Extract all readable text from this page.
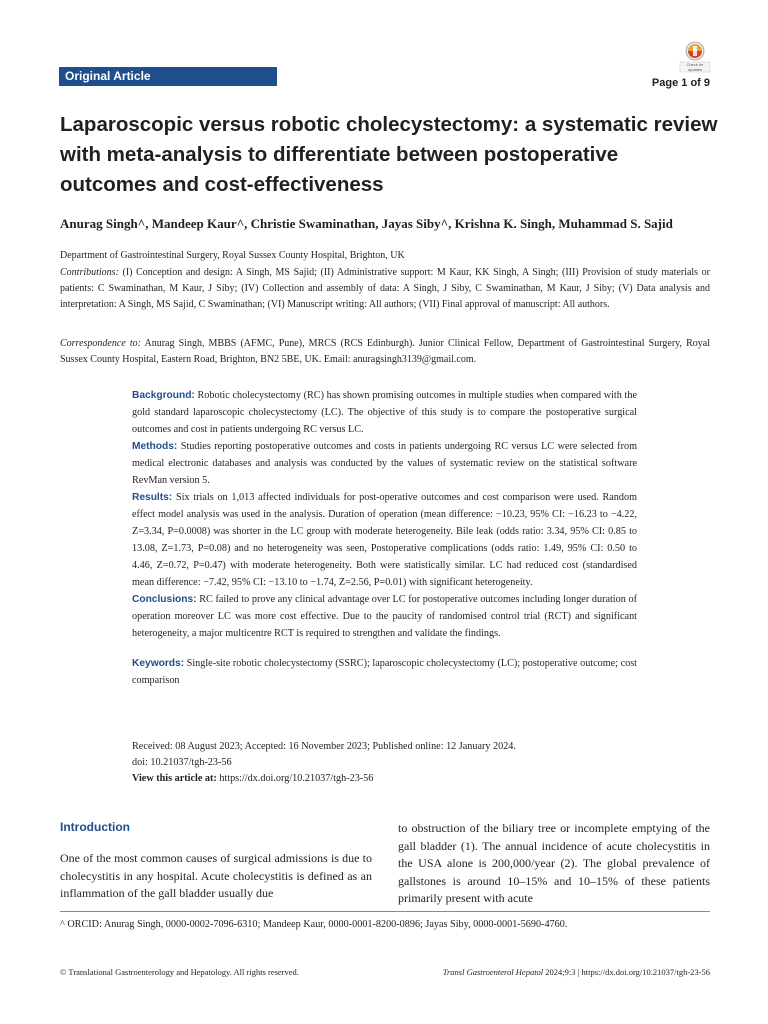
Original Article
Check for updates
Page 1 of 9
Laparoscopic versus robotic cholecystectomy: a systematic review with meta-analysis to differentiate between postoperative outcomes and cost-effectiveness
Anurag Singh^, Mandeep Kaur^, Christie Swaminathan, Jayas Siby^, Krishna K. Singh, Muhammad S. Sajid
Department of Gastrointestinal Surgery, Royal Sussex County Hospital, Brighton, UK
Contributions: (I) Conception and design: A Singh, MS Sajid; (II) Administrative support: M Kaur, KK Singh, A Singh; (III) Provision of study materials or patients: C Swaminathan, M Kaur, J Siby; (IV) Collection and assembly of data: A Singh, J Siby, C Swaminathan, M Kaur, J Siby; (V) Data analysis and interpretation: A Singh, MS Sajid, C Swaminathan; (VI) Manuscript writing: All authors; (VII) Final approval of manuscript: All authors.
Correspondence to: Anurag Singh, MBBS (AFMC, Pune), MRCS (RCS Edinburgh). Junior Clinical Fellow, Department of Gastrointestinal Surgery, Royal Sussex County Hospital, Eastern Road, Brighton, BN2 5BE, UK. Email: anuragsingh3139@gmail.com.

Background: Robotic cholecystectomy (RC) has shown promising outcomes in multiple studies when compared with the gold standard laparoscopic cholecystectomy (LC). The objective of this study is to compare the postoperative surgical outcomes and cost in patients undergoing RC versus LC.

Methods: Studies reporting postoperative outcomes and costs in patients undergoing RC versus LC were selected from medical electronic databases and analysis was conducted by the values of systematic review on the statistical software RevMan version 5.

Results: Six trials on 1,013 affected individuals for post-operative outcomes and cost comparison were used. Random effect model analysis was used in the analysis. Duration of operation (mean difference: −10.23, 95% CI: −16.23 to −4.22, Z=3.34, P=0.0008) was shorter in the LC group with moderate heterogeneity. Bile leak (odds ratio: 3.34, 95% CI: 0.85 to 13.08, Z=1.73, P=0.08) and no heterogeneity was seen, Postoperative complications (odds ratio: 1.49, 95% CI: 0.50 to 4.46, Z=0.72, P=0.47) with moderate heterogeneity. Both were statistically similar. LC had reduced cost (standardised mean difference: −7.42, 95% CI: −13.10 to −1.74, Z=2.56, P=0.01) with significant heterogeneity.

Conclusions: RC failed to prove any clinical advantage over LC for postoperative outcomes including longer duration of operation moreover LC was more cost effective. Due to the paucity of randomised control trial (RCT) and significant heterogeneity, a major multicentre RCT is required to strengthen and validate the findings.

Keywords: Single-site robotic cholecystectomy (SSRC); laparoscopic cholecystectomy (LC); postoperative outcome; cost comparison

Received: 08 August 2023; Accepted: 16 November 2023; Published online: 12 January 2024.
doi: 10.21037/tgh-23-56
View this article at: https://dx.doi.org/10.21037/tgh-23-56
Introduction
One of the most common causes of surgical admissions is due to cholecystitis in any hospital. Acute cholecystitis is defined as an inflammation of the gall bladder usually due
to obstruction of the biliary tree or incomplete emptying of the gall bladder (1). The annual incidence of acute cholecystitis in the USA alone is 200,000/year (2). The global prevalence of gallstones is around 10–15% and 10–15% of these patients primarily present with acute
^ ORCID: Anurag Singh, 0000-0002-7096-6310; Mandeep Kaur, 0000-0001-8200-0896; Jayas Siby, 0000-0001-5690-4760.
© Translational Gastroenterology and Hepatology. All rights reserved.	Transl Gastroenterol Hepatol 2024;9:3 | https://dx.doi.org/10.21037/tgh-23-56
